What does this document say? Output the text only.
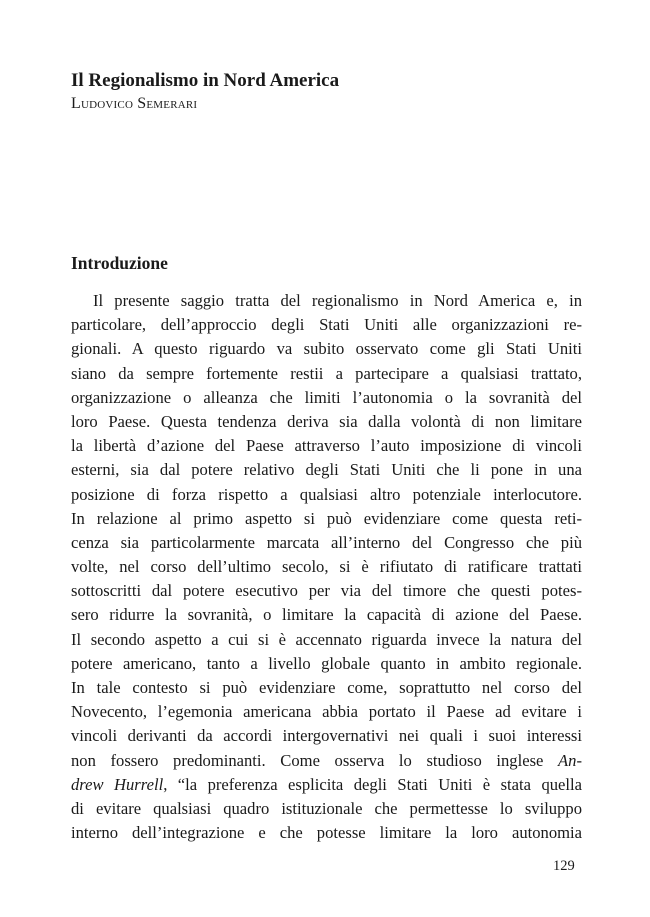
Il Regionalismo in Nord America
Ludovico Semerari
Introduzione
Il presente saggio tratta del regionalismo in Nord America e, in
particolare, dell’approccio degli Stati Uniti alle organizzazioni re-
gionali. A questo riguardo va subito osservato come gli Stati Uniti
siano da sempre fortemente restii a partecipare a qualsiasi trattato,
organizzazione o alleanza che limiti l’autonomia o la sovranità del
loro Paese. Questa tendenza deriva sia dalla volontà di non limitare
la libertà d’azione del Paese attraverso l’auto imposizione di vincoli
esterni, sia dal potere relativo degli Stati Uniti che li pone in una
posizione di forza rispetto a qualsiasi altro potenziale interlocutore.
In relazione al primo aspetto si può evidenziare come questa reti-
cenza sia particolarmente marcata all’interno del Congresso che più
volte, nel corso dell’ultimo secolo, si è rifiutato di ratificare trattati
sottoscritti dal potere esecutivo per via del timore che questi potes-
sero ridurre la sovranità, o limitare la capacità di azione del Paese.
Il secondo aspetto a cui si è accennato riguarda invece la natura del
potere americano, tanto a livello globale quanto in ambito regionale.
In tale contesto si può evidenziare come, soprattutto nel corso del
Novecento, l’egemonia americana abbia portato il Paese ad evitare i
vincoli derivanti da accordi intergovernativi nei quali i suoi interessi
non fossero predominanti. Come osserva lo studioso inglese An-
drew Hurrell, “la preferenza esplicita degli Stati Uniti è stata quella
di evitare qualsiasi quadro istituzionale che permettesse lo sviluppo
interno dell’integrazione e che potesse limitare la loro autonomia
129
